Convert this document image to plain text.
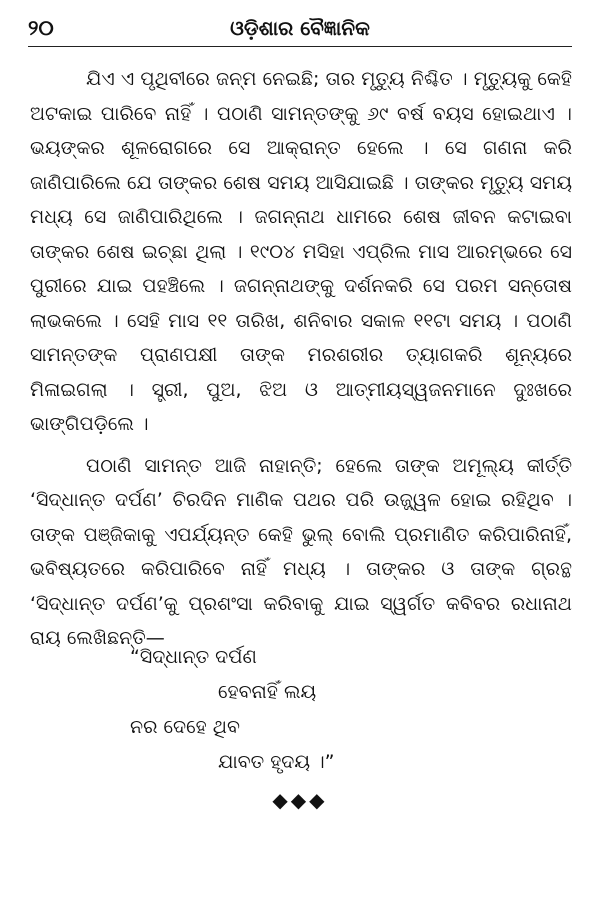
୨୦	ଓଡ଼ିଶାର ବୈଜ୍ଞାନିକ

ଯିଏ ଏ ପୃଥିବୀରେ ଜନ୍ମ ନେଇଛି; ତାର ମୃତ୍ୟୁ ନିଶ୍ଚିତ । ମୃତ୍ୟୁକୁ କେହି ଅଟକାଇ ପାରିବେ ନାହିଁ । ପଠାଣି ସାମନ୍ତଙ୍କୁ ୬୯ ବର୍ଷ ବୟସ ହୋଇଥାଏ । ଭୟଙ୍କର ଶୂଳରୋଗରେ ସେ ଆକ୍ରାନ୍ତ ହେଲେ । ସେ ଗଣନା କରି ଜାଣିପାରିଲେ ଯେ ତାଙ୍କର ଶେଷ ସମୟ ଆସିଯାଇଛି । ତାଙ୍କର ମୃତ୍ୟୁ ସମୟ ମଧ୍ୟ ସେ ଜାଣିପାରିଥିଲେ । ଜଗନ୍ନାଥ ଧାମରେ ଶେଷ ଜୀବନ କଟାଇବା ତାଙ୍କର ଶେଷ ଇଚ୍ଛା ଥିଲା । ୧୯୦୪ ମସିହା ଏପ୍ରିଲ ମାସ ଆରମ୍ଭରେ ସେ ପୁରୀରେ ଯାଇ ପହଞ୍ଚିଲେ । ଜଗନ୍ନାଥଙ୍କୁ ଦର୍ଶନକରି ସେ ପରମ ସନ୍ତୋଷ ଲାଭକଲେ । ସେହି ମାସ ୧୧ ତାରିଖ, ଶନିବାର ସକାଳ ୧୧ଟା ସମୟ । ପଠାଣି ସାମନ୍ତଙ୍କ ପ୍ରାଣପକ୍ଷୀ ତାଙ୍କ ମରଶରୀର ତ୍ୟାଗକରି ଶୂନ୍ୟରେ ମିଳାଇଗଲା । ସ୍ତ୍ରୀ, ପୁଅ, ଝିଅ ଓ ଆତ୍ମୀୟସ୍ୱଜନମାନେ ଦୁଃଖରେ ଭାଙ୍ଗିପଡ଼ିଲେ ।

ପଠାଣି ସାମନ୍ତ ଆଜି ନାହାନ୍ତି; ହେଲେ ତାଙ୍କ ଅମୂଲ୍ୟ କୀର୍ତ୍ତି ‘ସିଦ୍ଧାନ୍ତ ଦର୍ପଣ’ ଚିରଦିନ ମାଣିକ ପଥର ପରି ଉଜ୍ଜ୍ୱଳ ହୋଇ ରହିଥିବ । ତାଙ୍କ ପଞ୍ଜିକାକୁ ଏପର୍ଯ୍ୟନ୍ତ କେହି ଭୁଲ୍ ବୋଲି ପ୍ରମାଣିତ କରିପାରିନାହିଁ, ଭବିଷ୍ୟତରେ କରିପାରିବେ ନାହିଁ ମଧ୍ୟ । ତାଙ୍କର ଓ ତାଙ୍କ ଗ୍ରନ୍ଥ ‘ସିଦ୍ଧାନ୍ତ ଦର୍ପଣ’କୁ ପ୍ରଶଂସା କରିବାକୁ ଯାଇ ସ୍ୱର୍ଗତ କବିବର ରଧାନାଥ ରାୟ ଲେଖିଛନ୍ତି—

“ସିଦ୍ଧାନ୍ତ ଦର୍ପଣ
ହେବନାହିଁ ଲୟ
ନର ଦେହେ ଥିବ
ଯାବତ ହୃଦୟ ।”
◆◆◆
